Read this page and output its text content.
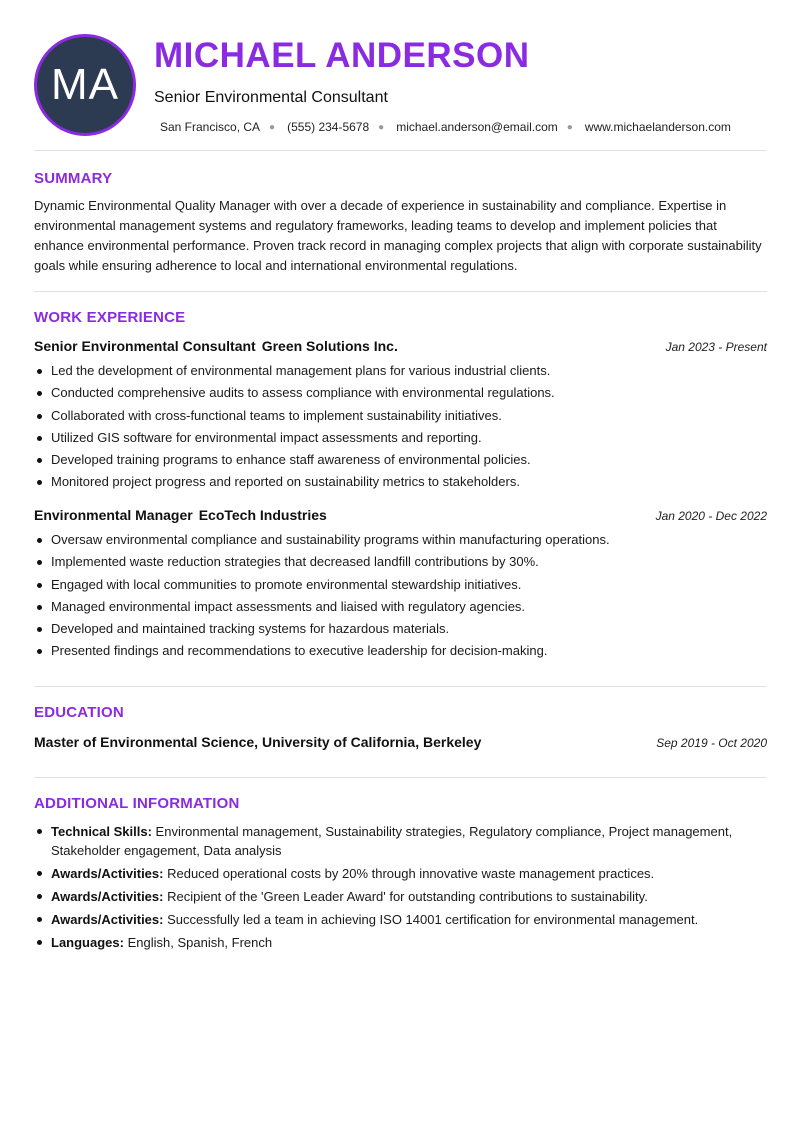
MA
MICHAEL ANDERSON
Senior Environmental Consultant
San Francisco, CA ● (555) 234-5678 ● michael.anderson@email.com ● www.michaelanderson.com
SUMMARY

Dynamic Environmental Quality Manager with over a decade of experience in sustainability and compliance. Expertise in environmental management systems and regulatory frameworks, leading teams to develop and implement policies that enhance environmental performance. Proven track record in managing complex projects that align with corporate sustainability goals while ensuring adherence to local and international environmental regulations.

WORK EXPERIENCE
Senior Environmental Consultant Green Solutions Inc.	Jan 2023 - Present
Led the development of environmental management plans for various industrial clients.
Conducted comprehensive audits to assess compliance with environmental regulations.
Collaborated with cross-functional teams to implement sustainability initiatives.
Utilized GIS software for environmental impact assessments and reporting.
Developed training programs to enhance staff awareness of environmental policies.
Monitored project progress and reported on sustainability metrics to stakeholders.
Environmental Manager EcoTech Industries	Jan 2020 - Dec 2022
Oversaw environmental compliance and sustainability programs within manufacturing operations.
Implemented waste reduction strategies that decreased landfill contributions by 30%.
Engaged with local communities to promote environmental stewardship initiatives.
Managed environmental impact assessments and liaised with regulatory agencies.
Developed and maintained tracking systems for hazardous materials.
Presented findings and recommendations to executive leadership for decision-making.
EDUCATION
Master of Environmental Science, University of California, Berkeley	Sep 2019 - Oct 2020
ADDITIONAL INFORMATION
Technical Skills: Environmental management, Sustainability strategies, Regulatory compliance, Project management, Stakeholder engagement, Data analysis
Awards/Activities: Reduced operational costs by 20% through innovative waste management practices.
Awards/Activities: Recipient of the 'Green Leader Award' for outstanding contributions to sustainability.
Awards/Activities: Successfully led a team in achieving ISO 14001 certification for environmental management.
Languages: English, Spanish, French
